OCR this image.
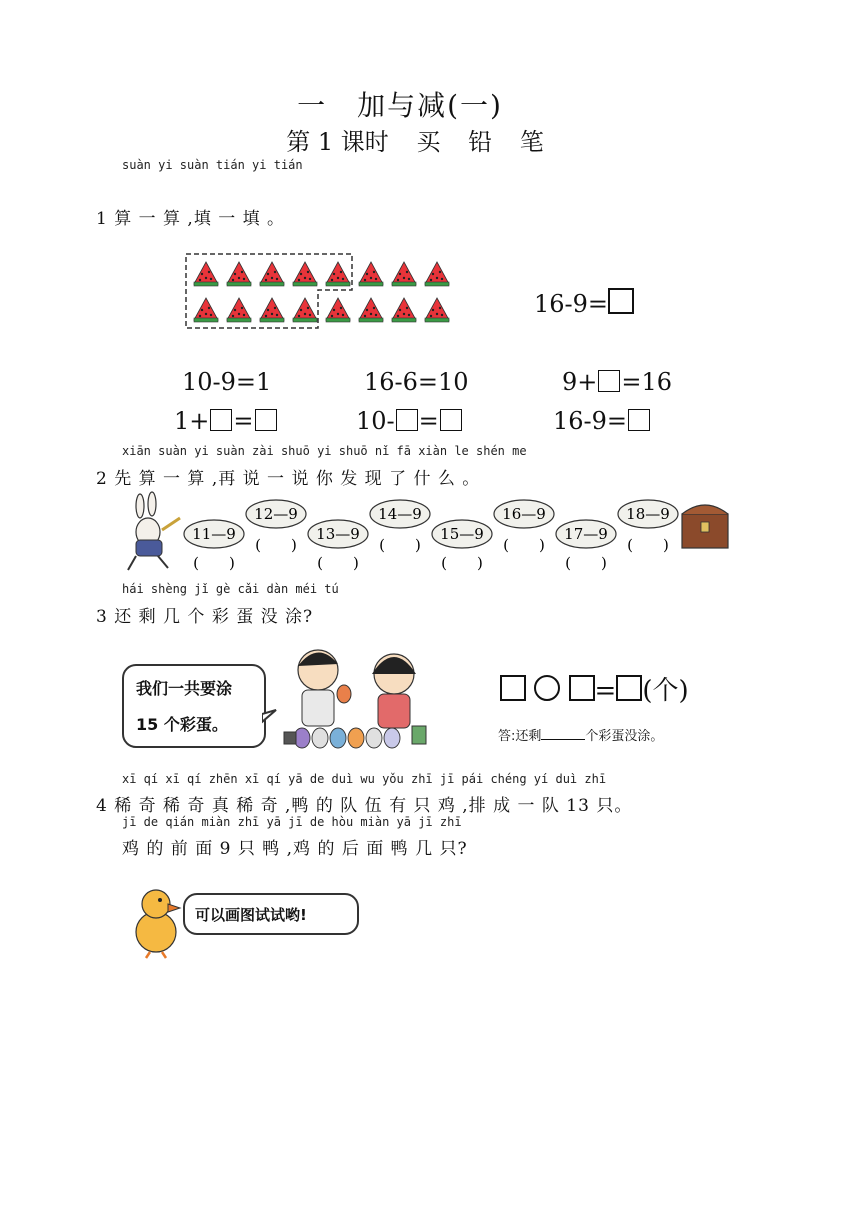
一　加与减(一)
第 1 课时 买 铅 笔
suàn yi suàn tián yi tián
1 算 一 算 ,填 一 填 。
16-9=
10-9=1	16-6=10	9+ =16
1+ =	10- =	16-9=
xiān suàn yi suàn zài shuō yi shuō nǐ fā xiàn le shén me
2 先 算 一 算 ,再 说 一 说 你 发 现 了 什 么 。
11—9
(　　)
12—9
(　　)
13—9
(　　)
14—9
(　　)
15—9
(　　)
16—9
(　　)
17—9
(　　)
18—9
(　　)
hái shèng jǐ gè cǎi dàn méi tú
3 还 剩 几 个 彩 蛋 没 涂?
我们一共要涂
15 个彩蛋。
= (个)
答:还剩	个彩蛋没涂。
xī qí xī qí zhēn xī qí yā de duì wu yǒu zhī jī pái chéng yí duì zhī
4 稀 奇 稀 奇 真 稀 奇 ,鸭 的 队 伍 有 只 鸡 ,排 成 一 队 13 只。
jī de qián miàn zhī yā jī de hòu miàn yā jī zhī
鸡 的 前 面 9 只 鸭 ,鸡 的 后 面 鸭 几 只?
可以画图试试哟!
